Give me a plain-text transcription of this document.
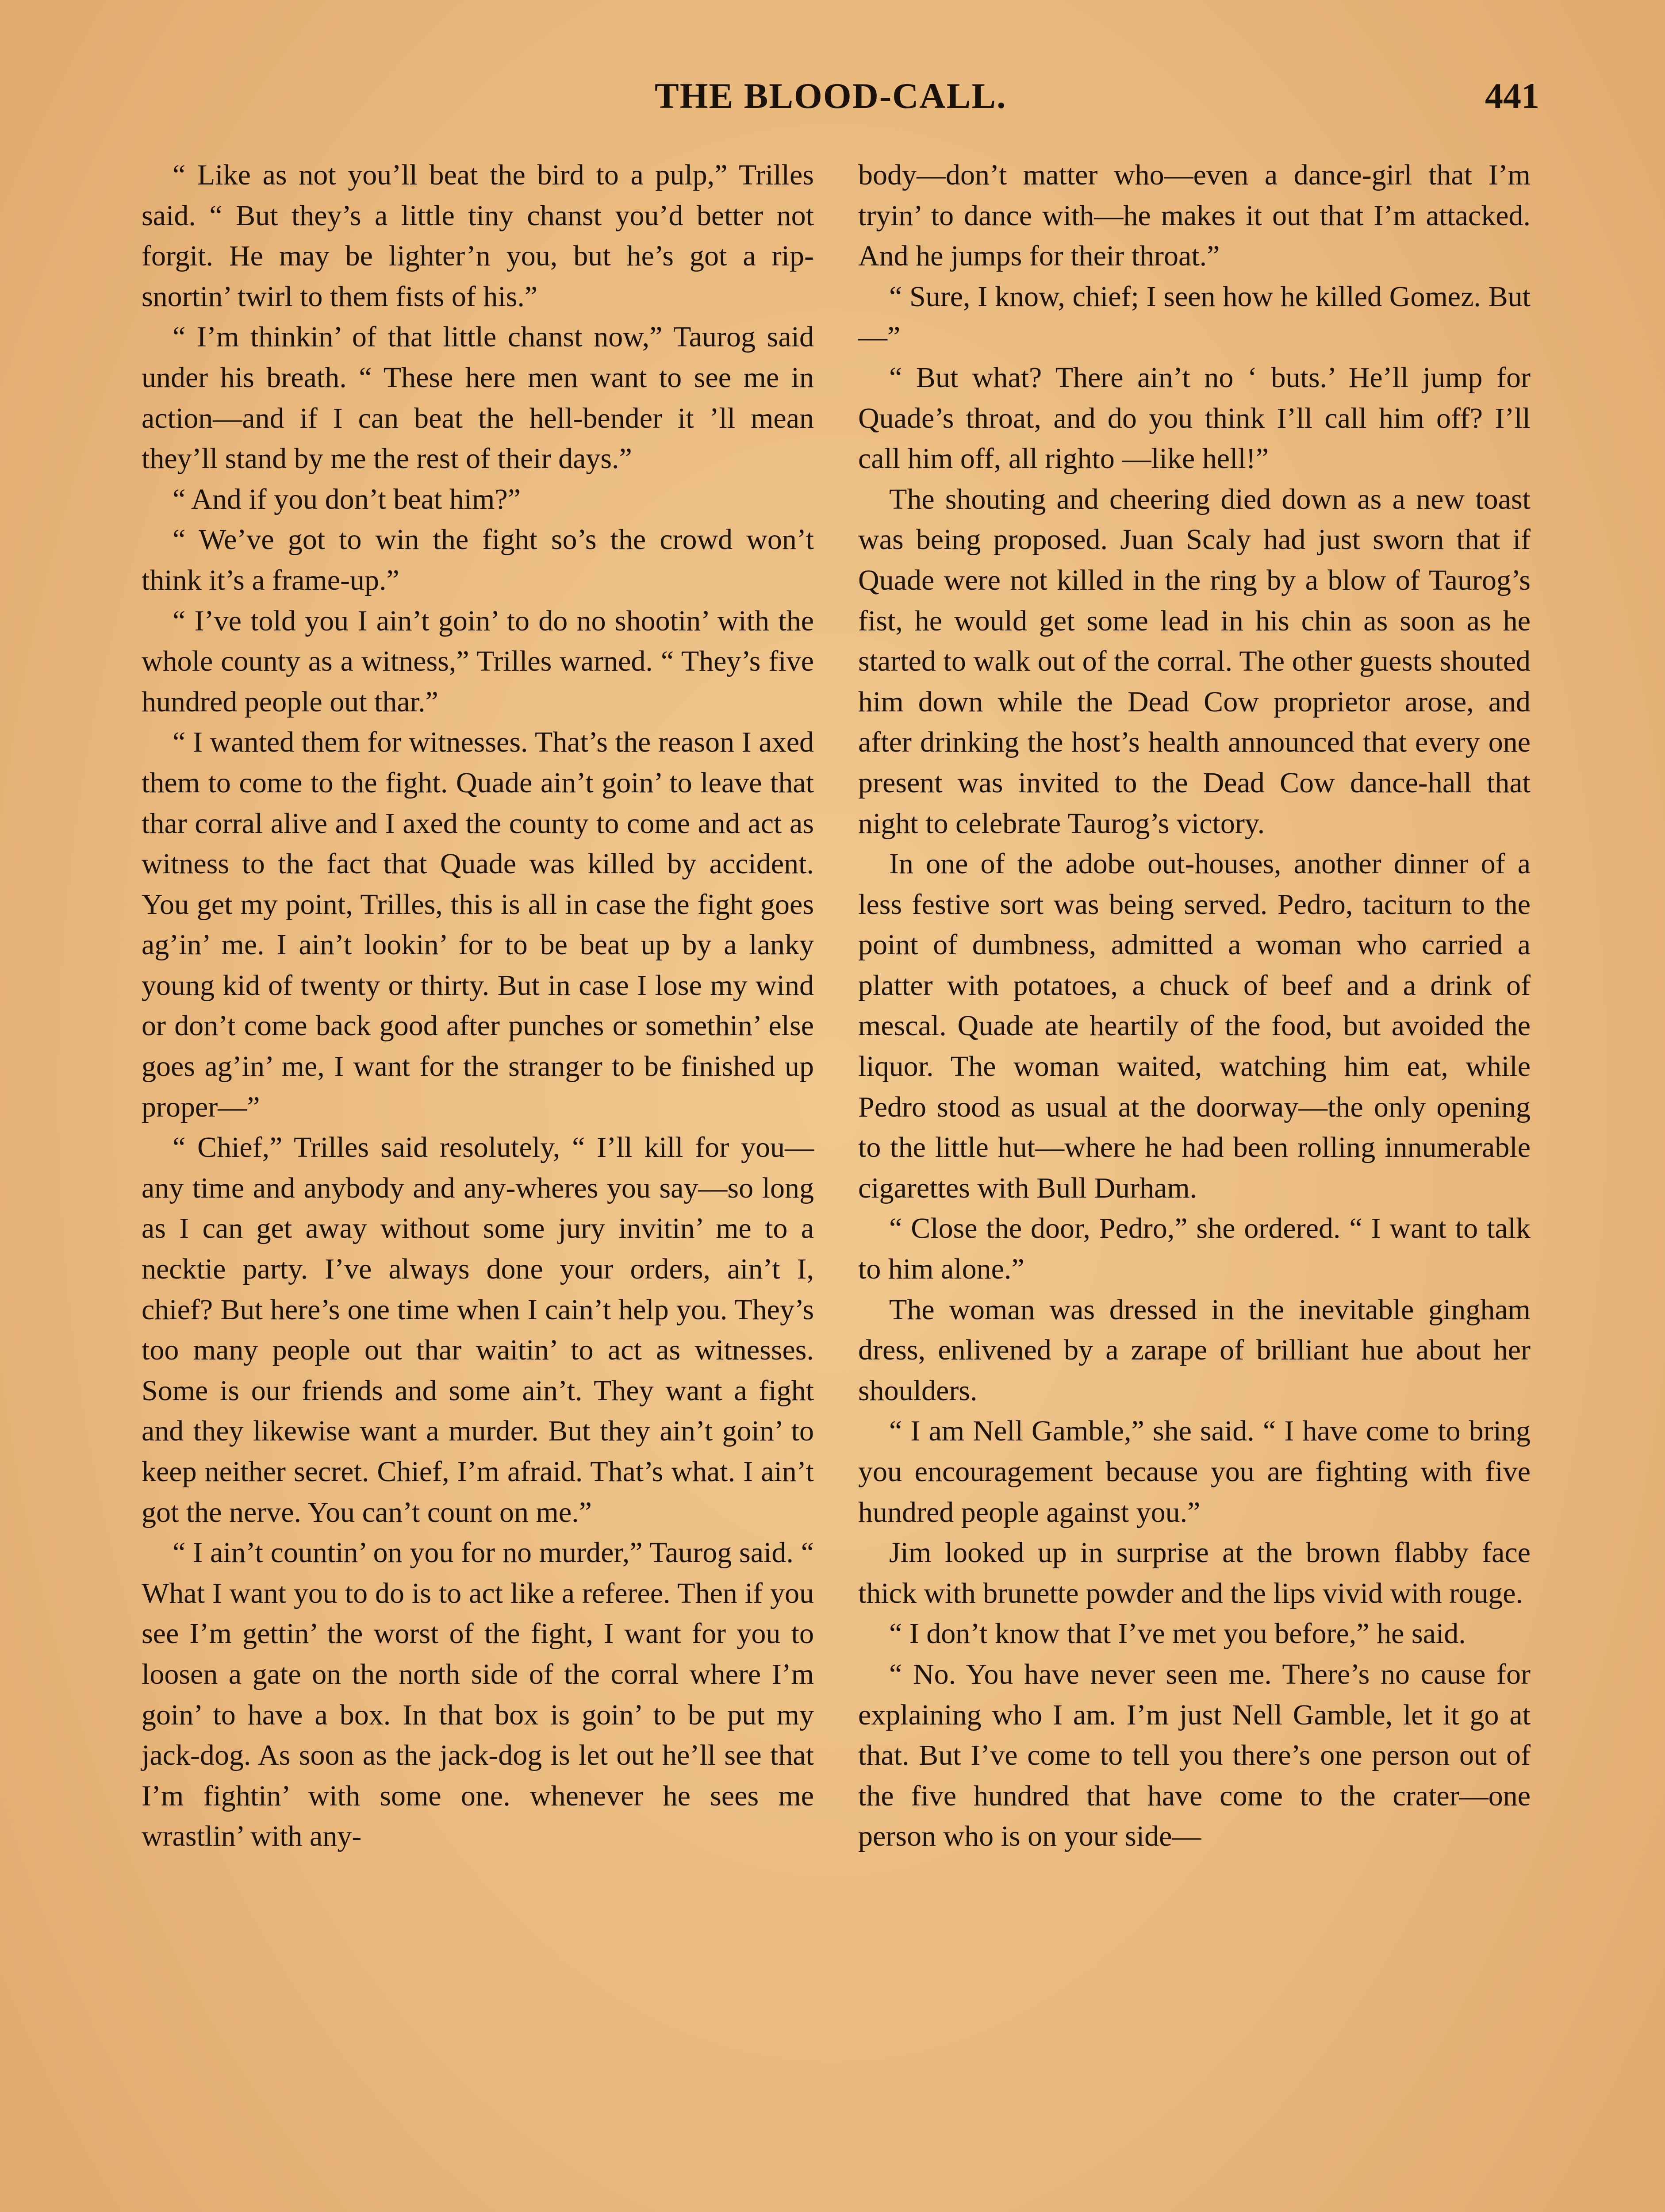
THE BLOOD-CALL.	441

“ Like as not you’ll beat the bird to a pulp,” Trilles said. “ But they’s a little tiny chanst you’d better not forgit. He may be lighter’n you, but he’s got a rip-snortin’ twirl to them fists of his.”

“ I’m thinkin’ of that little chanst now,” Taurog said under his breath. “ These here men want to see me in action—and if I can beat the hell-bender it ’ll mean they’ll stand by me the rest of their days.”

“ And if you don’t beat him?”

“ We’ve got to win the fight so’s the crowd won’t think it’s a frame-up.”

“ I’ve told you I ain’t goin’ to do no shootin’ with the whole county as a witness,” Trilles warned. “ They’s five hundred people out thar.”

“ I wanted them for witnesses. That’s the reason I axed them to come to the fight. Quade ain’t goin’ to leave that thar corral alive and I axed the county to come and act as witness to the fact that Quade was killed by accident. You get my point, Trilles, this is all in case the fight goes ag’in’ me. I ain’t lookin’ for to be beat up by a lanky young kid of twenty or thirty. But in case I lose my wind or don’t come back good after punches or somethin’ else goes ag’in’ me, I want for the stranger to be finished up proper—”

“ Chief,” Trilles said resolutely, “ I’ll kill for you—any time and anybody and any-wheres you say—so long as I can get away without some jury invitin’ me to a necktie party. I’ve always done your orders, ain’t I, chief? But here’s one time when I cain’t help you. They’s too many people out thar waitin’ to act as witnesses. Some is our friends and some ain’t. They want a fight and they likewise want a murder. But they ain’t goin’ to keep neither secret. Chief, I’m afraid. That’s what. I ain’t got the nerve. You can’t count on me.”

“ I ain’t countin’ on you for no murder,” Taurog said. “ What I want you to do is to act like a referee. Then if you see I’m gettin’ the worst of the fight, I want for you to loosen a gate on the north side of the corral where I’m goin’ to have a box. In that box is goin’ to be put my jack-dog. As soon as the jack-dog is let out he’ll see that I’m fightin’ with some one. whenever he sees me wrastlin’ with any-

body—don’t matter who—even a dance-girl that I’m tryin’ to dance with—he makes it out that I’m attacked. And he jumps for their throat.”

“ Sure, I know, chief; I seen how he killed Gomez. But—”

“ But what? There ain’t no ‘ buts.’ He’ll jump for Quade’s throat, and do you think I’ll call him off? I’ll call him off, all righto —like hell!”

The shouting and cheering died down as a new toast was being proposed. Juan Scaly had just sworn that if Quade were not killed in the ring by a blow of Taurog’s fist, he would get some lead in his chin as soon as he started to walk out of the corral. The other guests shouted him down while the Dead Cow proprietor arose, and after drinking the host’s health announced that every one present was invited to the Dead Cow dance-hall that night to celebrate Taurog’s victory.

In one of the adobe out-houses, another dinner of a less festive sort was being served. Pedro, taciturn to the point of dumbness, admitted a woman who carried a platter with potatoes, a chuck of beef and a drink of mescal. Quade ate heartily of the food, but avoided the liquor. The woman waited, watching him eat, while Pedro stood as usual at the doorway—the only opening to the little hut—where he had been rolling innumerable cigarettes with Bull Durham.

“ Close the door, Pedro,” she ordered. “ I want to talk to him alone.”

The woman was dressed in the inevitable gingham dress, enlivened by a zarape of brilliant hue about her shoulders.

“ I am Nell Gamble,” she said. “ I have come to bring you encouragement because you are fighting with five hundred people against you.”

Jim looked up in surprise at the brown flabby face thick with brunette powder and the lips vivid with rouge.

“ I don’t know that I’ve met you before,” he said.

“ No. You have never seen me. There’s no cause for explaining who I am. I’m just Nell Gamble, let it go at that. But I’ve come to tell you there’s one person out of the five hundred that have come to the crater—one person who is on your side—
